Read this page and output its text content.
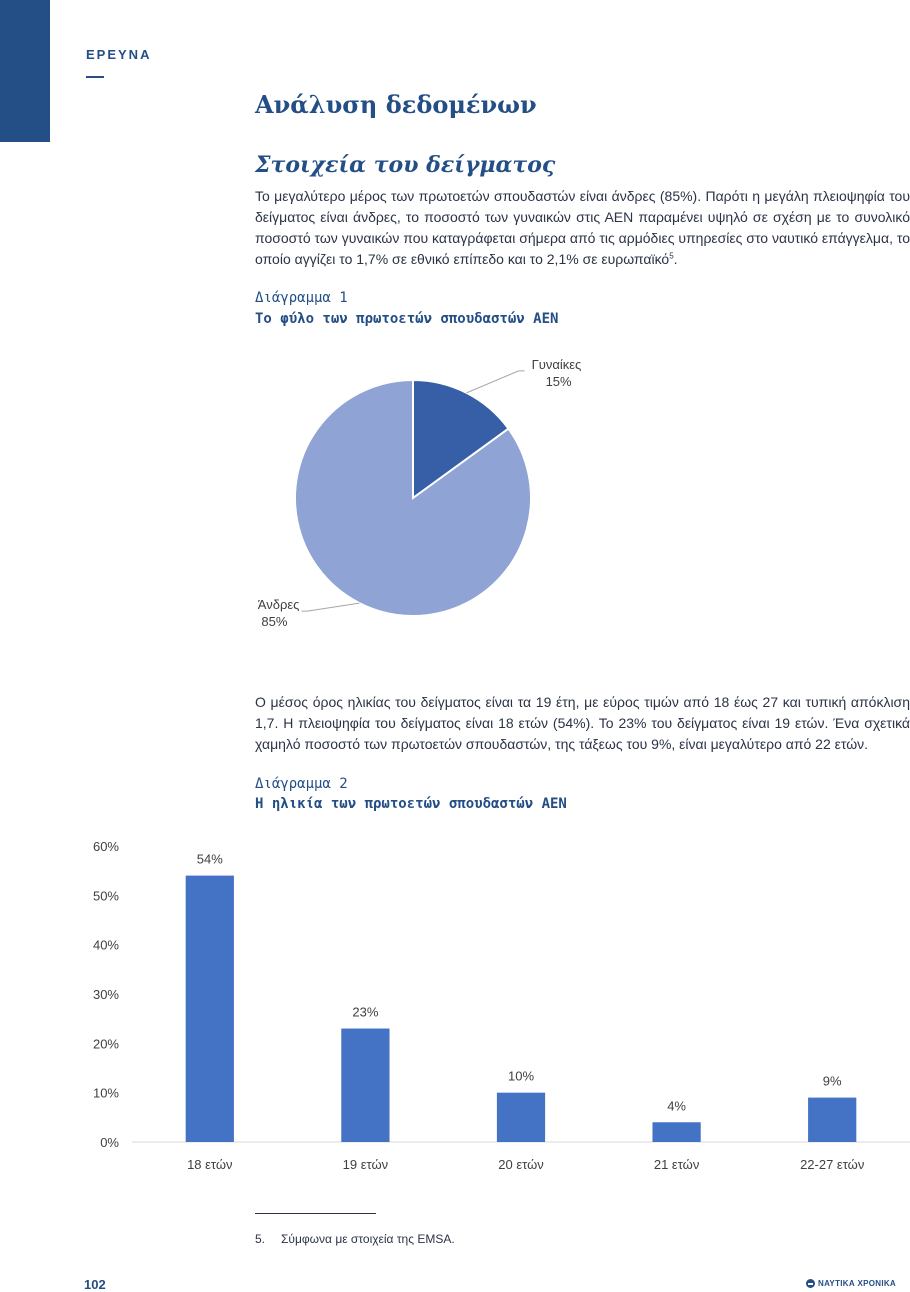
ΕΡΕΥΝΑ
Ανάλυση δεδομένων
Στοιχεία του δείγματος

Το μεγαλύτερο μέρος των πρωτοετών σπουδαστών είναι άνδρες (85%). Παρότι η μεγάλη πλειοψηφία του δείγματος είναι άνδρες, το ποσοστό των γυναικών στις ΑΕΝ παραμένει υψηλό σε σχέση με το συνολικό ποσοστό των γυναικών που καταγράφεται σήμερα από τις αρμόδιες υπηρεσίες στο ναυτικό επάγγελμα, το οποίο αγγίζει το 1,7% σε εθνικό επίπεδο και το 2,1% σε ευρωπαϊκό$^5$.

Διάγραμμα 1
Το φύλο των πρωτοετών σπουδαστών ΑΕΝ
Γυναίκες
15%
Άνδρες
85%

Ο μέσος όρος ηλικίας του δείγματος είναι τα 19 έτη, με εύρος τιμών από 18 έως 27 και τυπική απόκλιση 1,7. Η πλειοψηφία του δείγματος είναι 18 ετών (54%). Το 23% του δείγματος είναι 19 ετών. Ένα σχετικά χαμηλό ποσοστό των πρωτοετών σπουδαστών, της τάξεως του 9%, είναι μεγαλύτερο από 22 ετών.

Διάγραμμα 2
Η ηλικία των πρωτοετών σπουδαστών ΑΕΝ
0%
10%
20%
30%
40%
50%
60%
54%
18 ετών
23%
19 ετών
10%
20 ετών
4%
21 ετών
9%
22-27 ετών
5. Σύμφωνα με στοιχεία της EMSA.
102	ΝΑΥΤΙΚΑ ΧΡΟΝΙΚΑ
